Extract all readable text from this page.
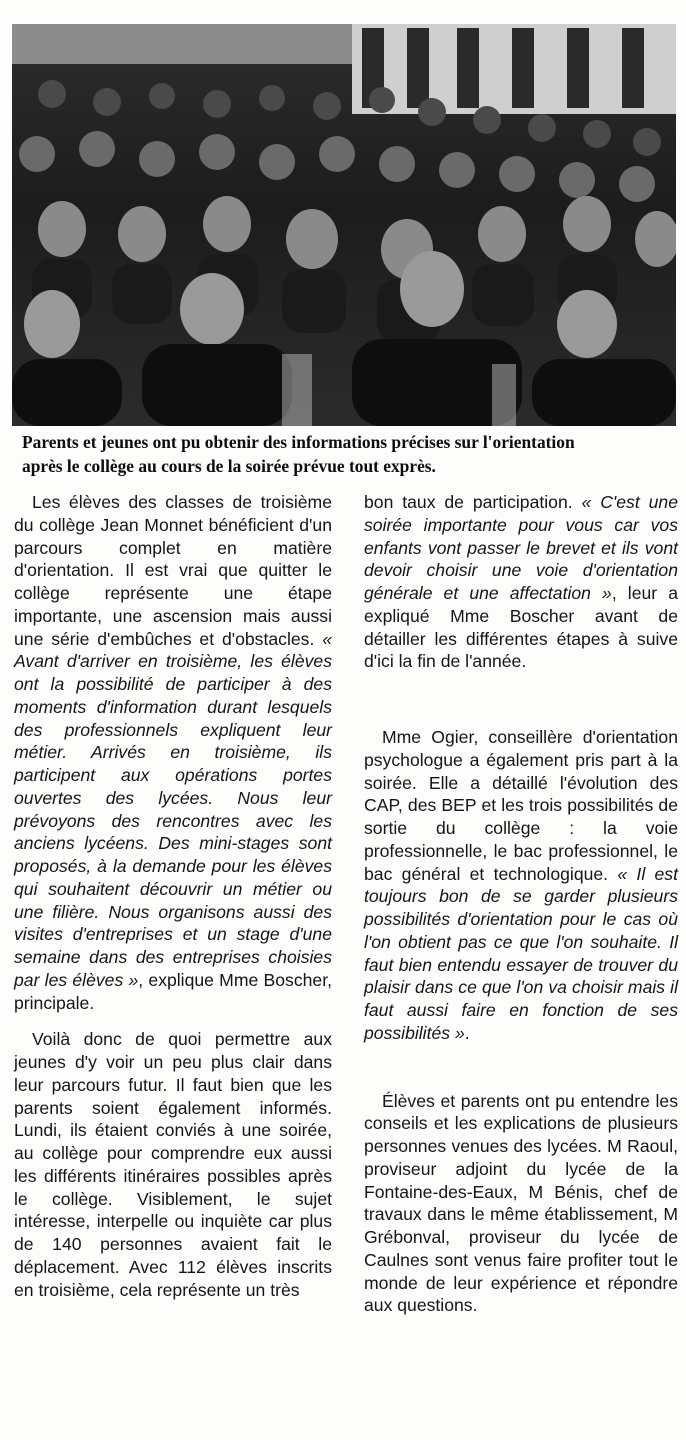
Parents et jeunes ont pu obtenir des informations précises sur l'orientation
après le collège au cours de la soirée prévue tout exprès.

Les élèves des classes de troisième du collège Jean Monnet bénéficient d'un parcours complet en matière d'orientation. Il est vrai que quitter le collège représente une étape importante, une ascension mais aussi une série d'embûches et d'obstacles. « Avant d'arriver en troisième, les élèves ont la possibilité de participer à des moments d'information durant lesquels des professionnels expliquent leur métier. Arrivés en troisième, ils participent aux opérations portes ouvertes des lycées. Nous leur prévoyons des rencontres avec les anciens lycéens. Des mini-stages sont proposés, à la demande pour les élèves qui souhaitent découvrir un métier ou une filière. Nous organisons aussi des visites d'entreprises et un stage d'une semaine dans des entreprises choisies par les élèves », explique Mme Boscher, principale.

Voilà donc de quoi permettre aux jeunes d'y voir un peu plus clair dans leur parcours futur. Il faut bien que les parents soient également informés. Lundi, ils étaient conviés à une soirée, au collège pour comprendre eux aussi les différents itinéraires possibles après le collège. Visiblement, le sujet intéresse, interpelle ou inquiète car plus de 140 personnes avaient fait le déplacement. Avec 112 élèves inscrits en troisième, cela représente un très

bon taux de participation. « C'est une soirée importante pour vous car vos enfants vont passer le brevet et ils vont devoir choisir une voie d'orientation générale et une affectation », leur a expliqué Mme Boscher avant de détailler les différentes étapes à suive d'ici la fin de l'année.

Mme Ogier, conseillère d'orientation psychologue a également pris part à la soirée. Elle a détaillé l'évolution des CAP, des BEP et les trois possibilités de sortie du collège : la voie professionnelle, le bac professionnel, le bac général et technologique. « Il est toujours bon de se garder plusieurs possibilités d'orientation pour le cas où l'on obtient pas ce que l'on souhaite. Il faut bien entendu essayer de trouver du plaisir dans ce que l'on va choisir mais il faut aussi faire en fonction de ses possibilités ».

Élèves et parents ont pu entendre les conseils et les explications de plusieurs personnes venues des lycées. M Raoul, proviseur adjoint du lycée de la Fontaine-des-Eaux, M Bénis, chef de travaux dans le même établissement, M Grébonval, proviseur du lycée de Caulnes sont venus faire profiter tout le monde de leur expérience et répondre aux questions.
